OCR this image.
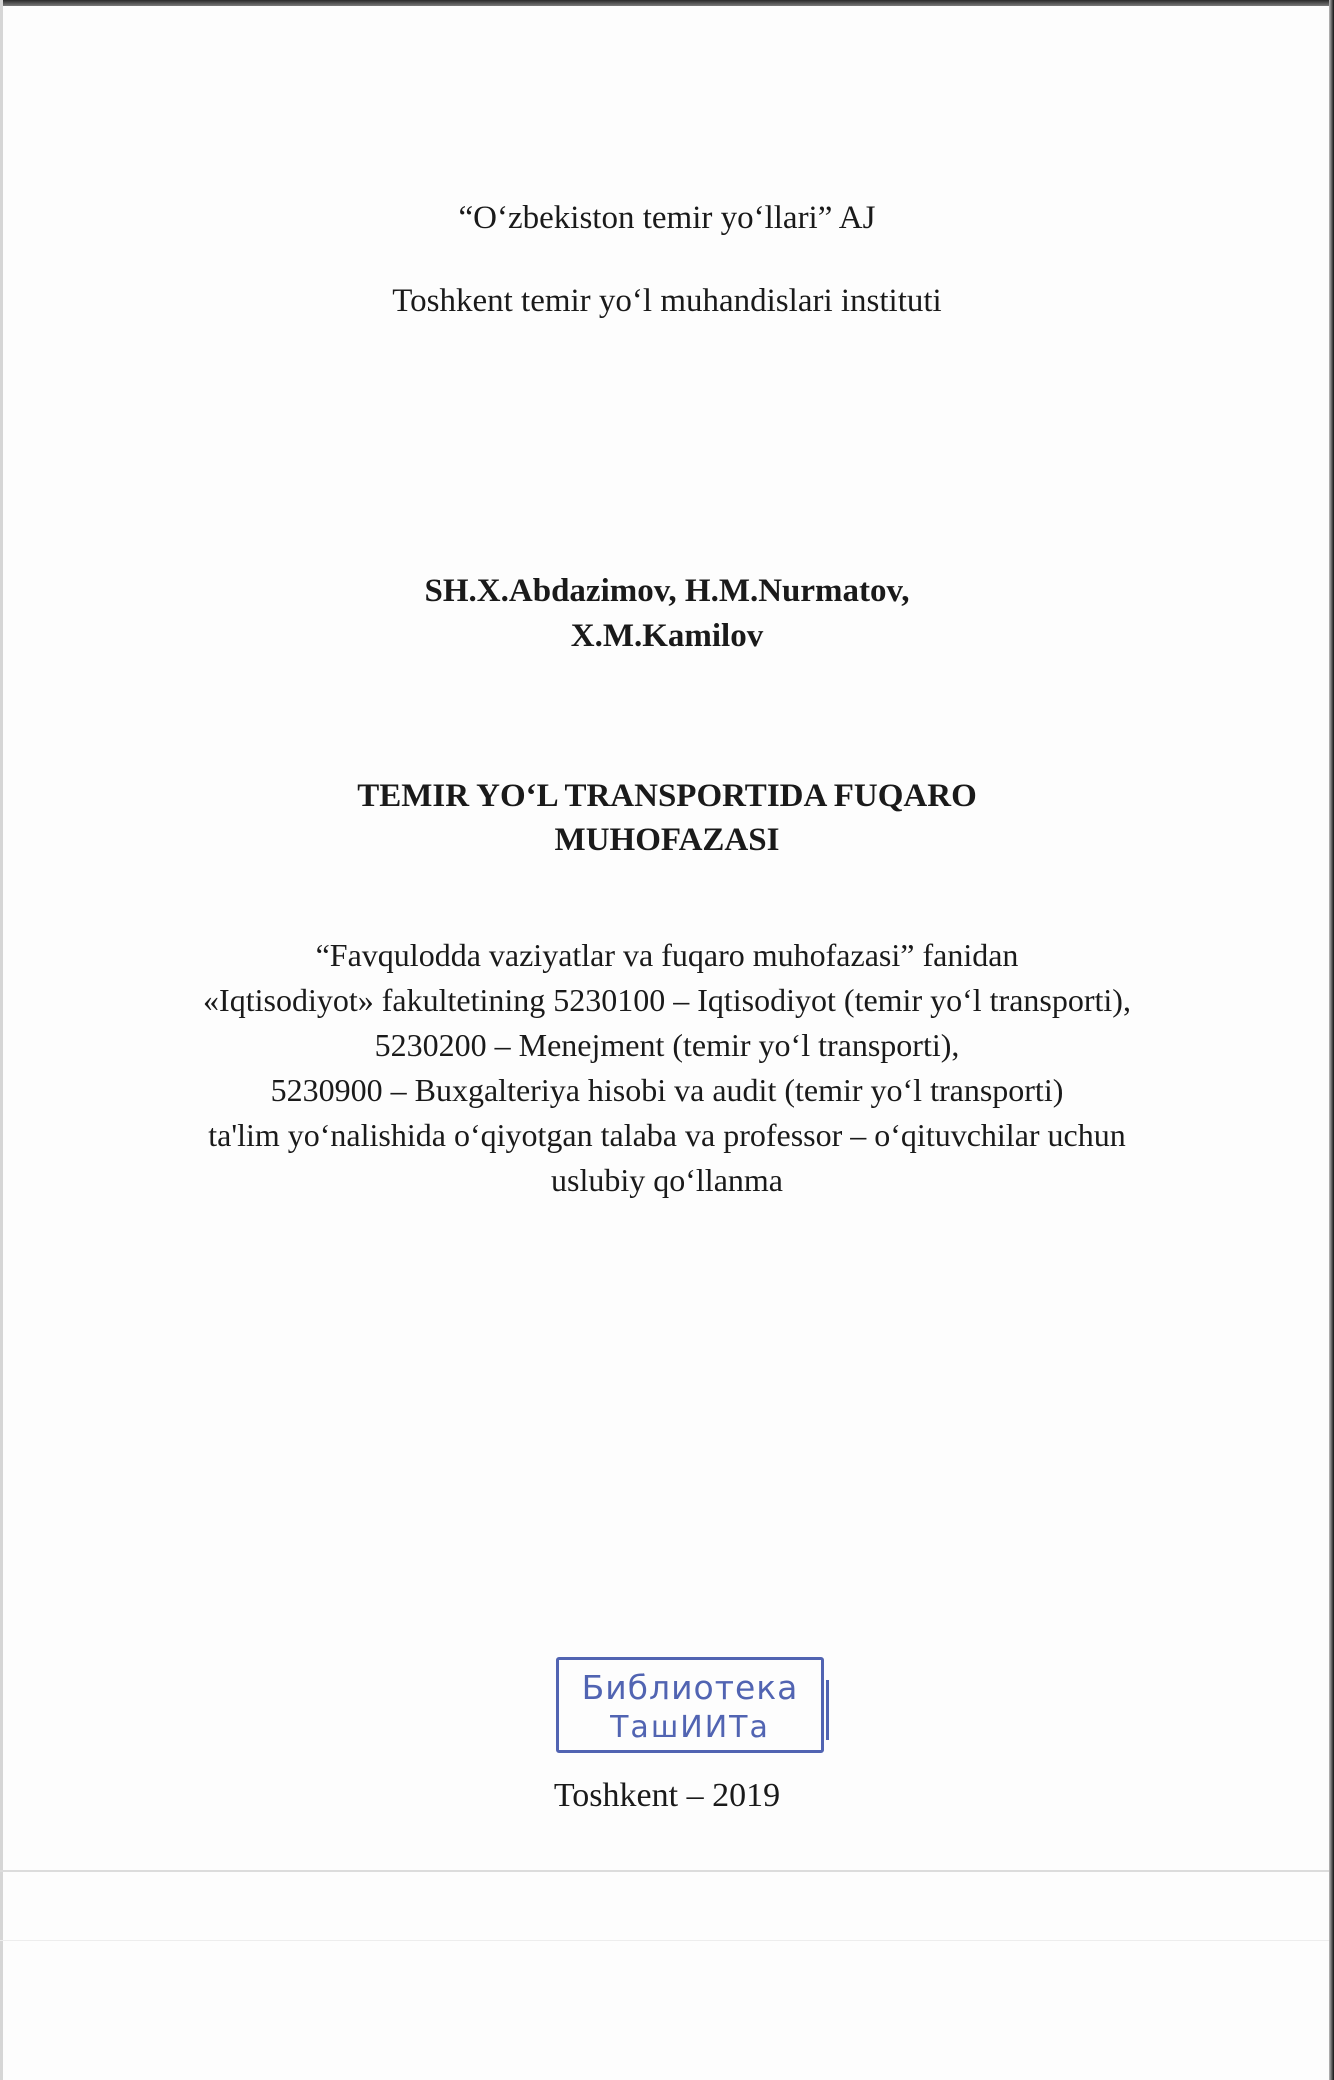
“O‘zbekiston temir yo‘llari” AJ
Toshkent temir yo‘l muhandislari instituti
SH.X.Abdazimov, H.M.Nurmatov,
X.M.Kamilov
TEMIR YO‘L TRANSPORTIDA FUQARO
MUHOFAZASI
“Favqulodda vaziyatlar va fuqaro muhofazasi” fanidan
«Iqtisodiyot» fakultetining 5230100 – Iqtisodiyot (temir yo‘l transporti),
5230200 – Menejment (temir yo‘l transporti),
5230900 – Buxgalteriya hisobi va audit (temir yo‘l transporti)
ta'lim yo‘nalishida o‘qiyotgan talaba va professor – o‘qituvchilar uchun
uslubiy qo‘llanma
Библиотека
ТашИИТа
Toshkent – 2019
